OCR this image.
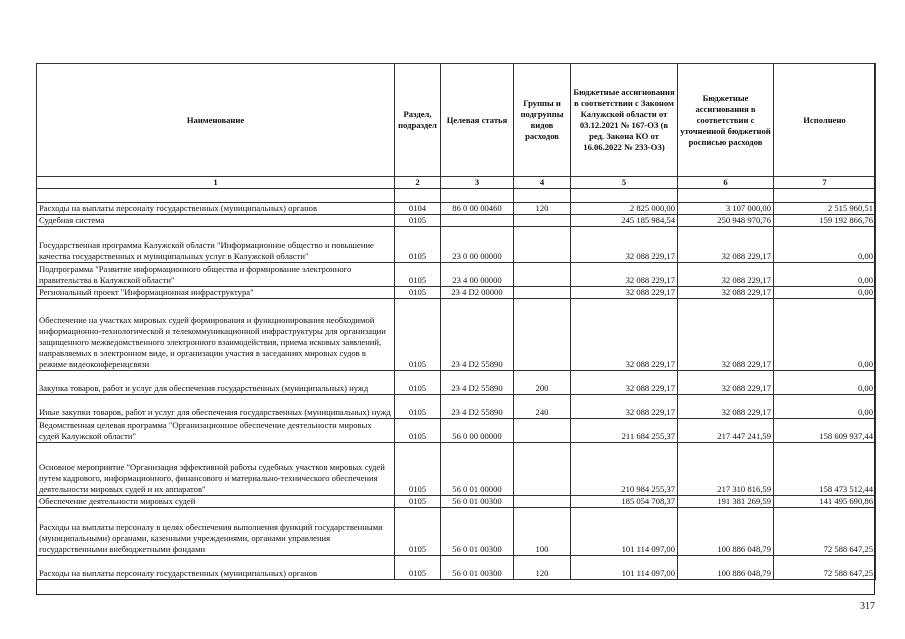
Наименование	Раздел, подраздел	Целевая статья	Группы и подгруппы видов расходов	Бюджетные ассигнования в соответствии с Законом Калужской области от 03.12.2021 № 167-ОЗ (в ред. Закона КО от 16.06.2022 № 233-ОЗ)	Бюджетные ассигнования в соответствии с уточненной бюджетной росписью расходов	Исполнено
1	2	3	4	5	6	7

Расходы на выплаты персоналу государственных (муниципальных) органов	0104	86 0 00 00460	120	2 825 000,00	3 107 000,00	2 515 960,51
Судебная система	0105			245 185 984,54	250 948 970,76	159 192 866,76
Государственная программа Калужской области "Информационное общество и повышение качества государственных и муниципальных услуг в Калужской области"	0105	23 0 00 00000		32 088 229,17	32 088 229,17	0,00
Подпрограмма "Развитие информационного общества и формирование электронного правительства в Калужской области"	0105	23 4 00 00000		32 088 229,17	32 088 229,17	0,00
Региональный проект "Информационная инфраструктура"	0105	23 4 D2 00000		32 088 229,17	32 088 229,17	0,00
Обеспечение на участках мировых судей формирования и функционирования необходимой информационно-технологической и телекоммуникационной инфраструктуры для организации защищенного межведомственного электронного взаимодействия, приема исковых заявлений, направляемых в электронном виде, и организации участия в заседаниях мировых судов в режиме видеоконференцсвязи	0105	23 4 D2 55890		32 088 229,17	32 088 229,17	0,00
Закупка товаров, работ и услуг для обеспечения государственных (муниципальных) нужд	0105	23 4 D2 55890	200	32 088 229,17	32 088 229,17	0,00
Иные закупки товаров, работ и услуг для обеспечения государственных (муниципальных) нужд	0105	23 4 D2 55890	240	32 088 229,17	32 088 229,17	0,00
Ведомственная целевая программа "Организационное обеспечение деятельности мировых судей Калужской области"	0105	56 0 00 00000		211 684 255,37	217 447 241,59	158 609 937,44
Основное мероприятие "Организация эффективной работы судебных участков мировых судей путем кадрового, информационного, финансового и материально-технического обеспечения деятельности мировых судей и их аппаратов"	0105	56 0 01 00000		210 984 255,37	217 310 816,59	158 473 512,44
Обеспечение деятельности мировых судей	0105	56 0 01 00300		185 054 708,37	191 381 269,59	141 495 690,86
Расходы на выплаты персоналу в целях обеспечения выполнения функций государственными (муниципальными) органами, казенными учреждениями, органами управления государственными внебюджетными фондами	0105	56 0 01 00300	100	101 114 097,00	100 886 048,79	72 588 647,25
Расходы на выплаты персоналу государственных (муниципальных) органов	0105	56 0 01 00300	120	101 114 097,00	100 886 048,79	72 588 647,25
317
